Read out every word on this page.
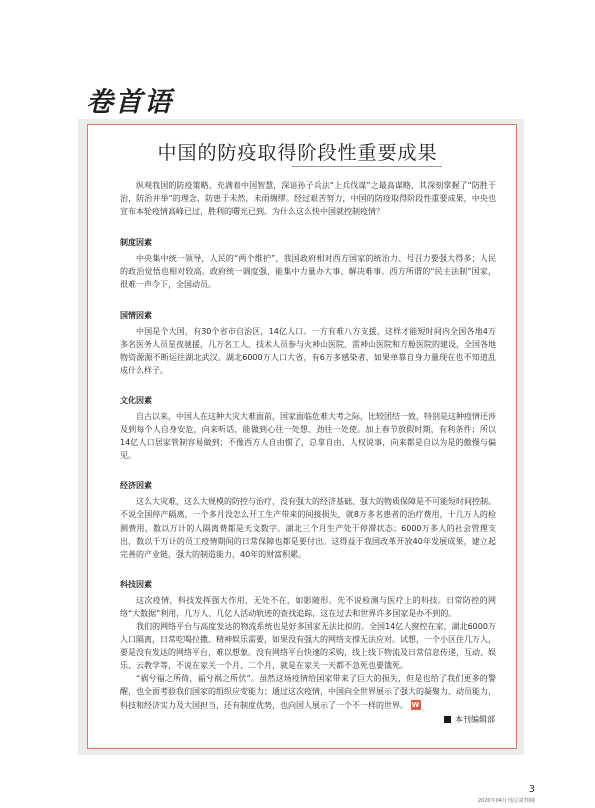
卷首语
中国的防疫取得阶段性重要成果

纵观我国的防疫策略，充满着中国智慧，深谙孙子兵法“上兵伐谋”之最高谋略，其深刻掌握了“防胜于治，防治并举”的理念，防患于未然，未雨绸缪。经过艰苦努力，中国的防疫取得阶段性重要成果，中央也宣布本轮疫情高峰已过，胜利的曙光已到。为什么这么快中国就控制疫情？

制度因素

中央集中统一领导，人民的“两个维护”，我国政府相对西方国家的统治力、号召力要强大得多；人民的政治觉悟也相对较高。政府统一调度强，能集中力量办大事、解决难事。西方所谓的“民主法制”国家，很难一声令下，全国动员。

国情因素

中国是个大国，有30个省市自治区，14亿人口。一方有难八方支援，这样才能短时间内全国各地4万多名医务人员星夜驰援，几万名工人、技术人员参与火神山医院、雷神山医院和方舱医院的建设，全国各地物资源源不断运往湖北武汉。湖北6000万人口大省，有6万多感染者，如果单靠自身力量现在也不知道乱成什么样子。

文化因素

自古以来，中国人在这种大灾大难面前，国家面临危难大考之际，比较团结一致，特别是这种疫情还涉及到每个人自身安危，向来听话，能做到心往一处想、劲往一处使。加上春节放假时期，有利条件；所以14亿人口居家管制容易做到；不像西方人自由惯了，总拿自由、人权说事，向来都是自以为是的傲慢与偏见。

经济因素

这么大灾难，这么大规模的防控与治疗，没有强大的经济基础、强大的物质保障是不可能短时间控制。不说全国停产隔离，一个多月没怎么开工生产带来的间接损失，就8万多名患者的治疗费用，十几万人的检测费用，数以万计的人隔离费都是天文数字。湖北三个月生产处于停滞状态；6000万多人的社会管理支出，数以千万计的员工疫情期间的日常保障也都是要付出。这得益于我国改革开放40年发展成果，建立起完善的产业链，强大的制造能力，40年的财富积累。

科技因素

这次疫情，科技发挥强大作用，无处不在，如影随形。先不说检测与医疗上的科技。日常防控的网络“大数据”利用，几万人、几亿人活动轨迹的查找追踪，这在过去和世界许多国家是办不到的。

我们的网络平台与高度发达的物流系统也是好多国家无法比拟的。全国14亿人窗控在家，湖北6000万人口隔离，日常吃喝拉撒、精神娱乐需要，如果没有强大的网络支撑无法应对。试想，一个小区住几万人，要是没有发达的网络平台，难以想象。没有网络平台快速的采购，线上线下物流及日常信息传递，互动、娱乐、云教学等，不说在家关一个月、二个月，就是在家关一天都不急死也要饿死。

“祸兮福之所倚，福兮祸之所伏”。虽然这场疫情给国家带来了巨大的损失，但是也给了我们更多的警醒，也全面考验我们国家的组织应变能力；通过这次疫情，中国向全世界展示了强大的凝聚力、动员能力，科技和经济实力及大国担当，还有制度优势，也向国人展示了一个不一样的世界。 W

本刊编辑部
3
2020年04月刊/总第70期
